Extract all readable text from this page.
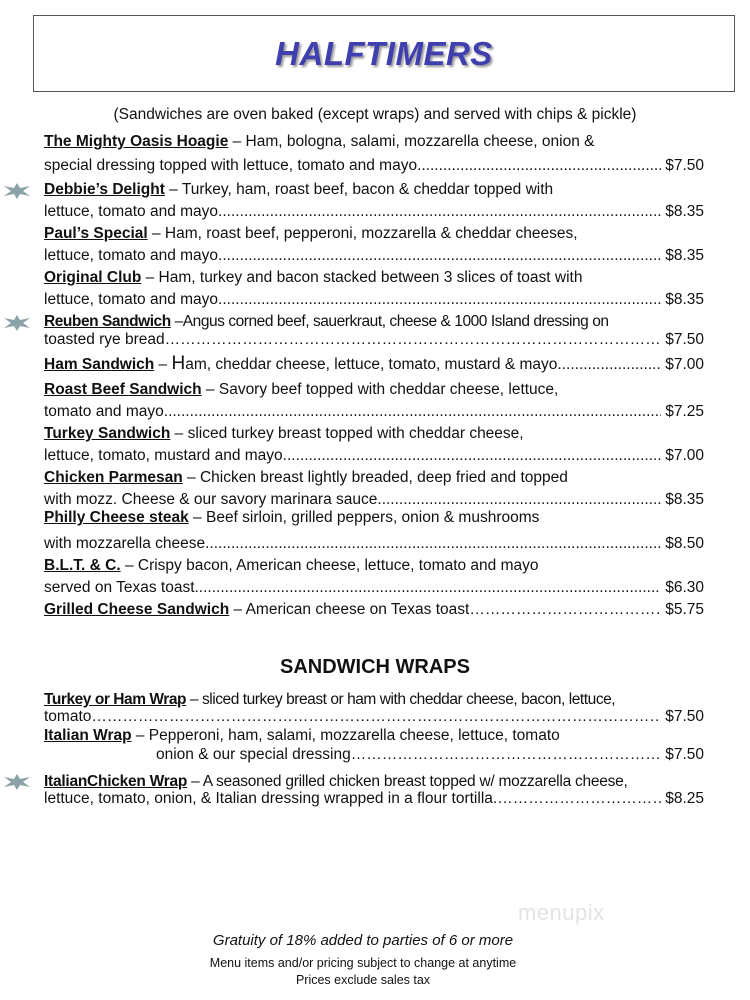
HALFTIMERS
(Sandwiches are oven baked (except wraps) and served with chips & pickle)
The Mighty Oasis Hoagie – Ham, bologna, salami, mozzarella cheese, onion &
special dressing topped with lettuce, tomato and mayo .....	$7.50
Debbie’s Delight – Turkey, ham, roast beef, bacon & cheddar topped with
lettuce, tomato and mayo .....	$8.35
Paul’s Special – Ham, roast beef, pepperoni, mozzarella & cheddar cheeses,
lettuce, tomato and mayo .....	$8.35
Original Club – Ham, turkey and bacon stacked between 3 slices of toast with
lettuce, tomato and mayo .....	$8.35
Reuben Sandwich –Angus corned beef, sauerkraut, cheese & 1000 Island dressing on
toasted rye bread ……………………………………………………………………………………………………………………………………………………………………………………	$7.50
Ham Sandwich – Ham, cheddar cheese, lettuce, tomato, mustard & mayo .....	$7.00
Roast Beef Sandwich – Savory beef topped with cheddar cheese, lettuce,
tomato and mayo .....	$7.25
Turkey Sandwich – sliced turkey breast topped with cheddar cheese,
lettuce, tomato, mustard and mayo .....	$7.00
Chicken Parmesan – Chicken breast lightly breaded, deep fried and topped
with mozz. Cheese & our savory marinara sauce .....	$8.35
Philly Cheese steak – Beef sirloin, grilled peppers, onion & mushrooms
with mozzarella cheese .....	$8.50
B.L.T. & C. – Crispy bacon, American cheese, lettuce, tomato and mayo
served on Texas toast .....	$6.30
Grilled Cheese Sandwich – American cheese on Texas toast ……………………………………………………………………………………………………………………………………………………………………………………	$5.75
SANDWICH WRAPS
Turkey or Ham Wrap – sliced turkey breast or ham with cheddar cheese, bacon, lettuce,
tomato ……………………………………………………………………………………………………………………………………………………………………………………	$7.50
Italian Wrap – Pepperoni, ham, salami, mozzarella cheese, lettuce, tomato
onion & our special dressing ……………………………………………………………………………………………………………………………………………………………………………………	$7.50
ItalianChicken Wrap – A seasoned grilled chicken breast topped w/ mozzarella cheese,
lettuce, tomato, onion, & Italian dressing wrapped in a flour tortilla. ……………………………………………………………………………………………………………………………………………………………………………………	$8.25
menupix
Gratuity of 18% added to parties of 6 or more
Menu items and/or pricing subject to change at anytime
Prices exclude sales tax
